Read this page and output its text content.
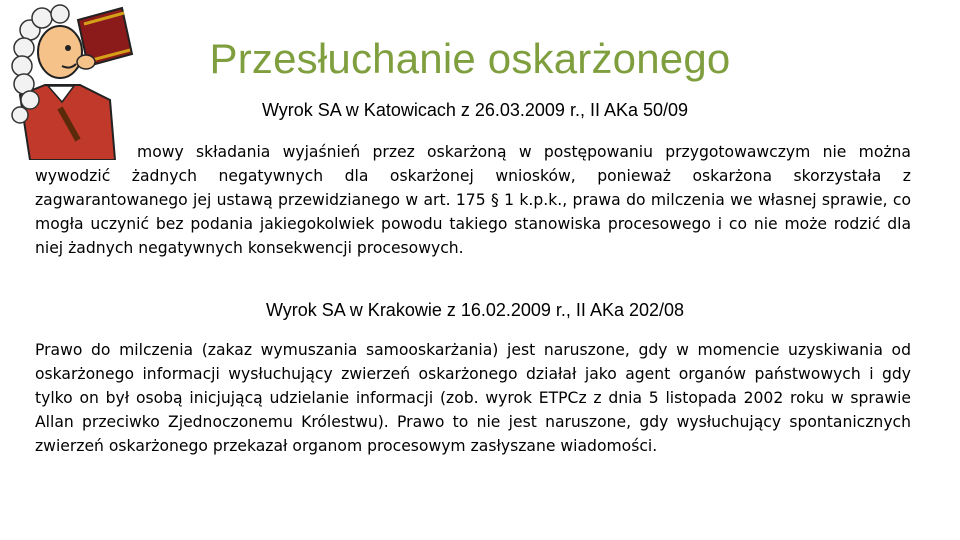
Przesłuchanie oskarżonego
Wyrok SA w Katowicach z 26.03.2009 r., II AKa 50/09

mowy składania wyjaśnień przez oskarżoną w postępowaniu przygotowawczym nie można wywodzić żadnych negatywnych dla oskarżonej wniosków, ponieważ oskarżona skorzystała z zagwarantowanego jej ustawą przewidzianego w art. 175 § 1 k.p.k., prawa do milczenia we własnej sprawie, co mogła uczynić bez podania jakiegokolwiek powodu takiego stanowiska procesowego i co nie może rodzić dla niej żadnych negatywnych konsekwencji procesowych.

Wyrok SA w Krakowie z 16.02.2009 r., II AKa 202/08

Prawo do milczenia (zakaz wymuszania samooskarżania) jest naruszone, gdy w momencie uzyskiwania od oskarżonego informacji wysłuchujący zwierzeń oskarżonego działał jako agent organów państwowych i gdy tylko on był osobą inicjującą udzielanie informacji (zob. wyrok ETPCz z dnia 5 listopada 2002 roku w sprawie Allan przeciwko Zjednoczonemu Królestwu). Prawo to nie jest naruszone, gdy wysłuchujący spontanicznych zwierzeń oskarżonego przekazał organom procesowym zasłyszane wiadomości.
